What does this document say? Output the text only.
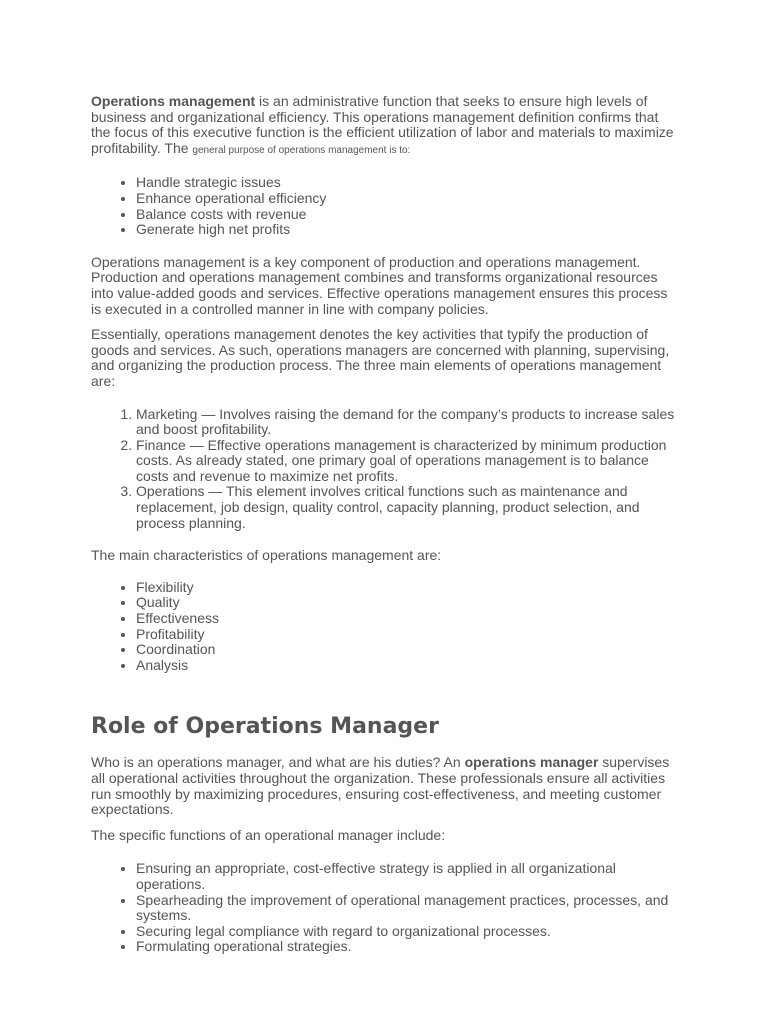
Operations management is an administrative function that seeks to ensure high levels of business and organizational efficiency. This operations management definition confirms that the focus of this executive function is the efficient utilization of labor and materials to maximize profitability. The general purpose of operations management is to:

• Handle strategic issues
• Enhance operational efficiency
• Balance costs with revenue
• Generate high net profits

Operations management is a key component of production and operations management. Production and operations management combines and transforms organizational resources into value-added goods and services. Effective operations management ensures this process is executed in a controlled manner in line with company policies.

Essentially, operations management denotes the key activities that typify the production of goods and services. As such, operations managers are concerned with planning, supervising, and organizing the production process. The three main elements of operations management are:

1. Marketing — Involves raising the demand for the company’s products to increase sales and boost profitability.
2. Finance — Effective operations management is characterized by minimum production costs. As already stated, one primary goal of operations management is to balance costs and revenue to maximize net profits.
3. Operations — This element involves critical functions such as maintenance and replacement, job design, quality control, capacity planning, product selection, and process planning.

The main characteristics of operations management are:

• Flexibility
• Quality
• Effectiveness
• Profitability
• Coordination
• Analysis
Role of Operations Manager

Who is an operations manager, and what are his duties? An operations manager supervises all operational activities throughout the organization. These professionals ensure all activities run smoothly by maximizing procedures, ensuring cost-effectiveness, and meeting customer expectations.

The specific functions of an operational manager include:

• Ensuring an appropriate, cost-effective strategy is applied in all organizational operations.
• Spearheading the improvement of operational management practices, processes, and systems.
• Securing legal compliance with regard to organizational processes.
• Formulating operational strategies.
